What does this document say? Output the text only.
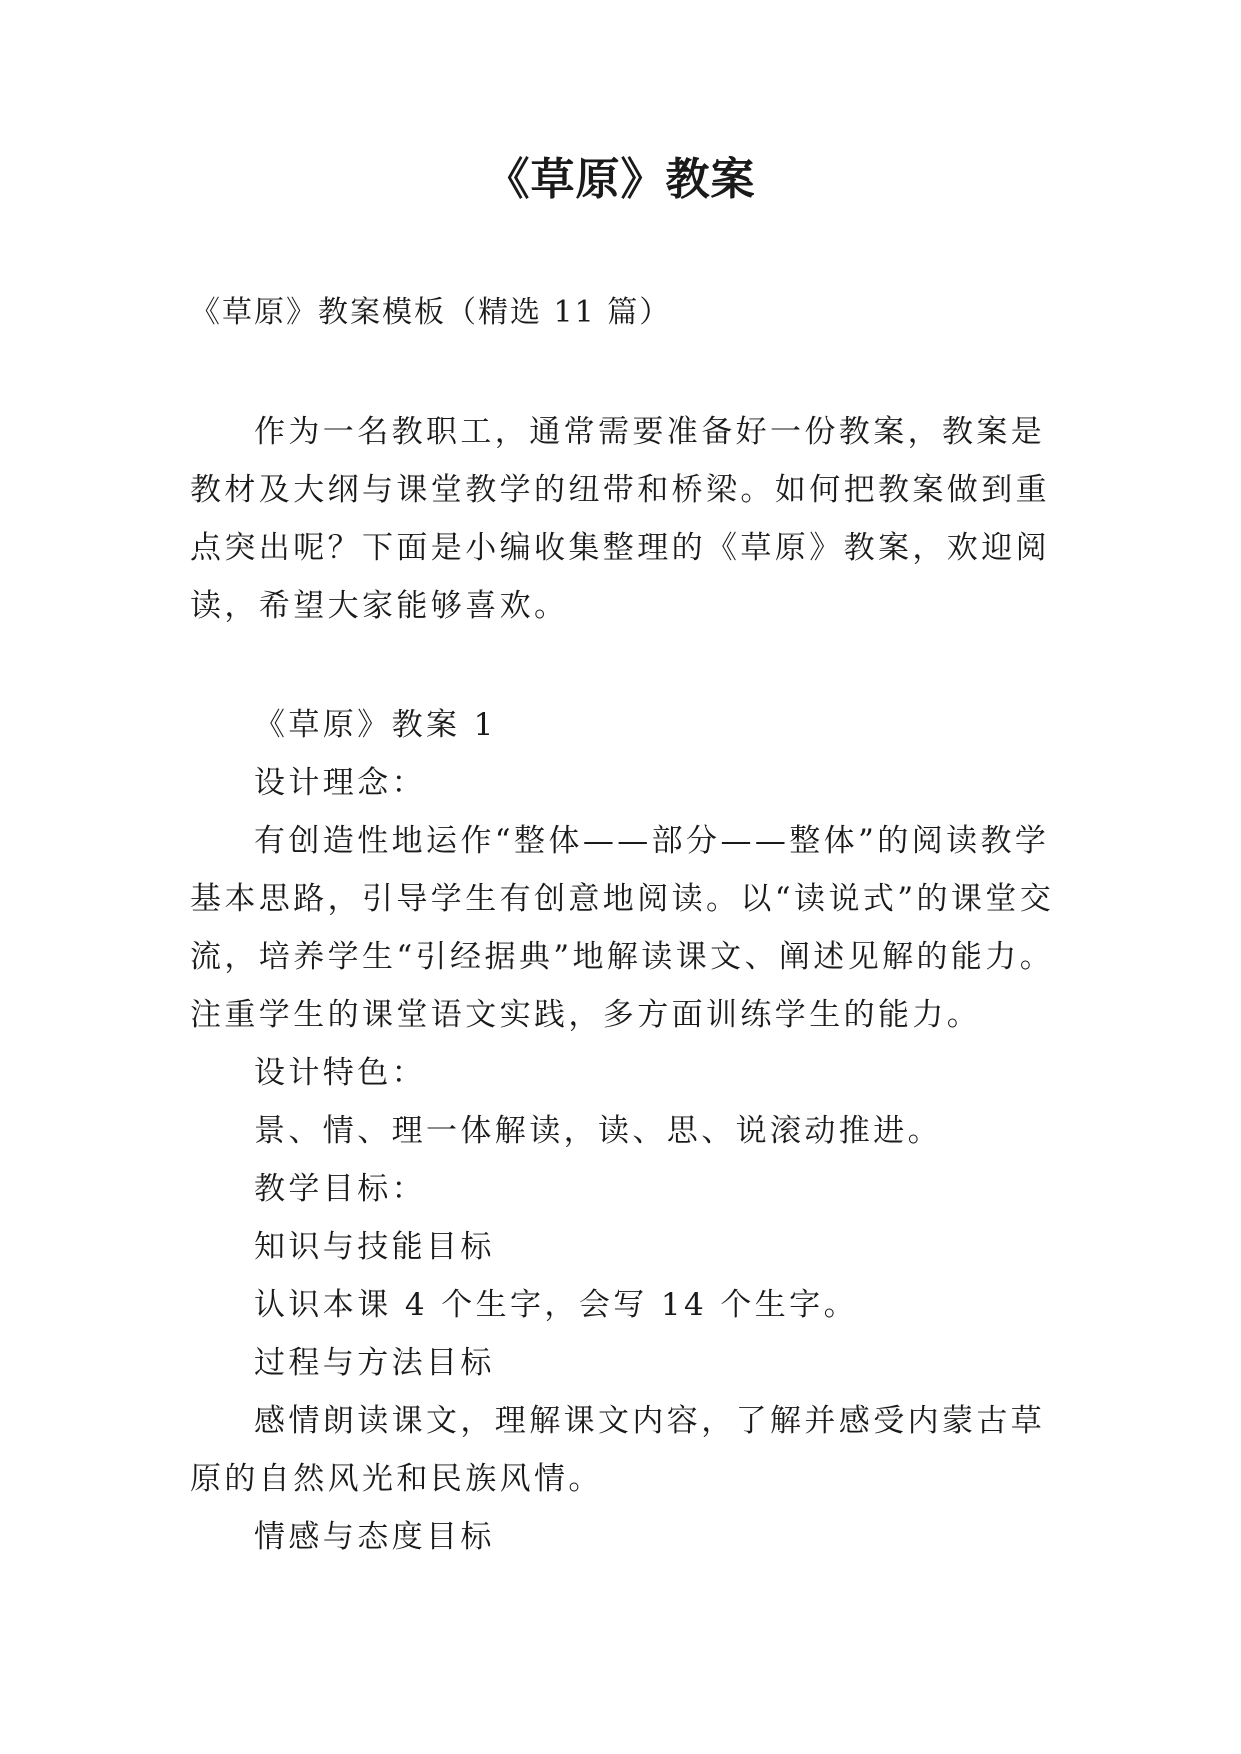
《草原》教案
《草原》教案模板（精选 11 篇）

作为一名教职工，通常需要准备好一份教案，教案是教材及大纲与课堂教学的纽带和桥梁。如何把教案做到重点突出呢？下面是小编收集整理的《草原》教案，欢迎阅读，希望大家能够喜欢。

《草原》教案 1

设计理念：

有创造性地运作“整体——部分——整体”的阅读教学基本思路，引导学生有创意地阅读。以“读说式”的课堂交流，培养学生“引经据典”地解读课文、阐述见解的能力。注重学生的课堂语文实践，多方面训练学生的能力。

设计特色：

景、情、理一体解读，读、思、说滚动推进。

教学目标：

知识与技能目标

认识本课 4 个生字，会写 14 个生字。

过程与方法目标

感情朗读课文，理解课文内容，了解并感受内蒙古草原的自然风光和民族风情。

情感与态度目标
